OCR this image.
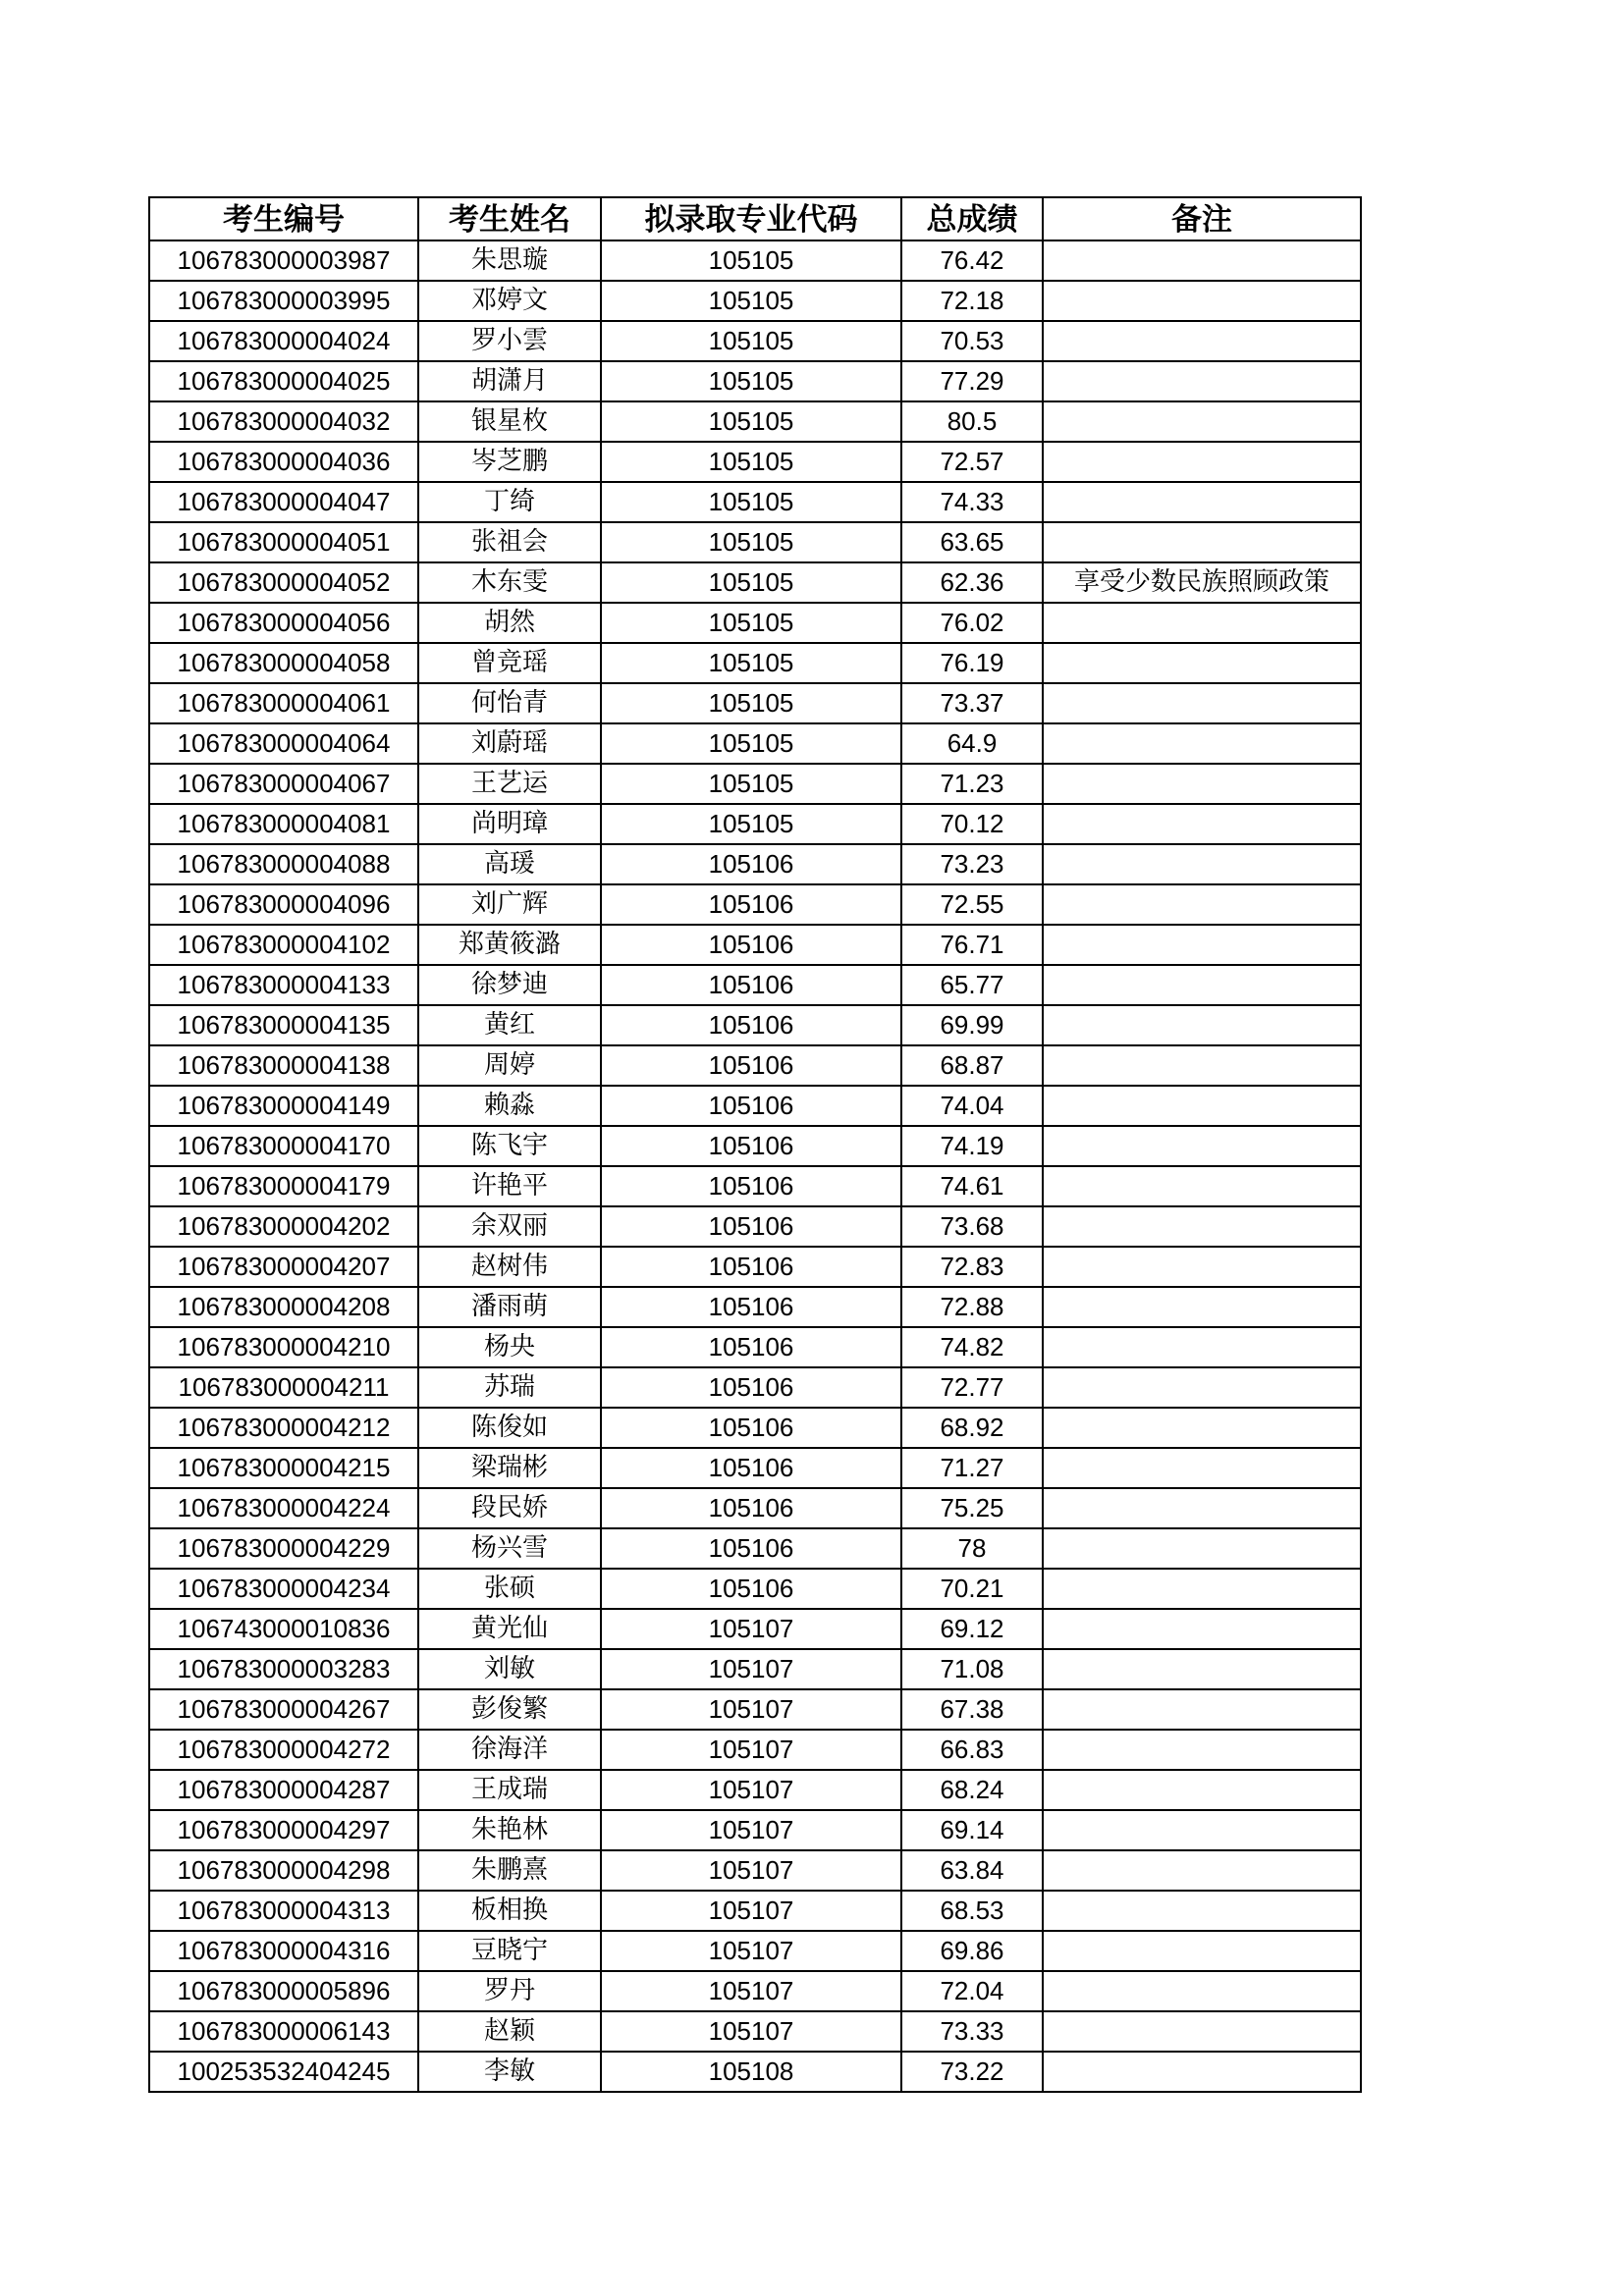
考生编号	考生姓名	拟录取专业代码	总成绩	备注
106783000003987	朱思璇	105105	76.42	
106783000003995	邓婷文	105105	72.18	
106783000004024	罗小雲	105105	70.53	
106783000004025	胡潇月	105105	77.29	
106783000004032	银星枚	105105	80.5	
106783000004036	岑芝鹏	105105	72.57	
106783000004047	丁绮	105105	74.33	
106783000004051	张祖会	105105	63.65	
106783000004052	木东雯	105105	62.36	享受少数民族照顾政策
106783000004056	胡然	105105	76.02	
106783000004058	曾竞瑶	105105	76.19	
106783000004061	何怡青	105105	73.37	
106783000004064	刘蔚瑶	105105	64.9	
106783000004067	王艺运	105105	71.23	
106783000004081	尚明璋	105105	70.12	
106783000004088	高瑗	105106	73.23	
106783000004096	刘广辉	105106	72.55	
106783000004102	郑黄筱潞	105106	76.71	
106783000004133	徐梦迪	105106	65.77	
106783000004135	黄红	105106	69.99	
106783000004138	周婷	105106	68.87	
106783000004149	赖淼	105106	74.04	
106783000004170	陈飞宇	105106	74.19	
106783000004179	许艳平	105106	74.61	
106783000004202	余双丽	105106	73.68	
106783000004207	赵树伟	105106	72.83	
106783000004208	潘雨萌	105106	72.88	
106783000004210	杨央	105106	74.82	
106783000004211	苏瑞	105106	72.77	
106783000004212	陈俊如	105106	68.92	
106783000004215	梁瑞彬	105106	71.27	
106783000004224	段民娇	105106	75.25	
106783000004229	杨兴雪	105106	78	
106783000004234	张硕	105106	70.21	
106743000010836	黄光仙	105107	69.12	
106783000003283	刘敏	105107	71.08	
106783000004267	彭俊繁	105107	67.38	
106783000004272	徐海洋	105107	66.83	
106783000004287	王成瑞	105107	68.24	
106783000004297	朱艳林	105107	69.14	
106783000004298	朱鹏熹	105107	63.84	
106783000004313	板相换	105107	68.53	
106783000004316	豆晓宁	105107	69.86	
106783000005896	罗丹	105107	72.04	
106783000006143	赵颖	105107	73.33	
100253532404245	李敏	105108	73.22	
